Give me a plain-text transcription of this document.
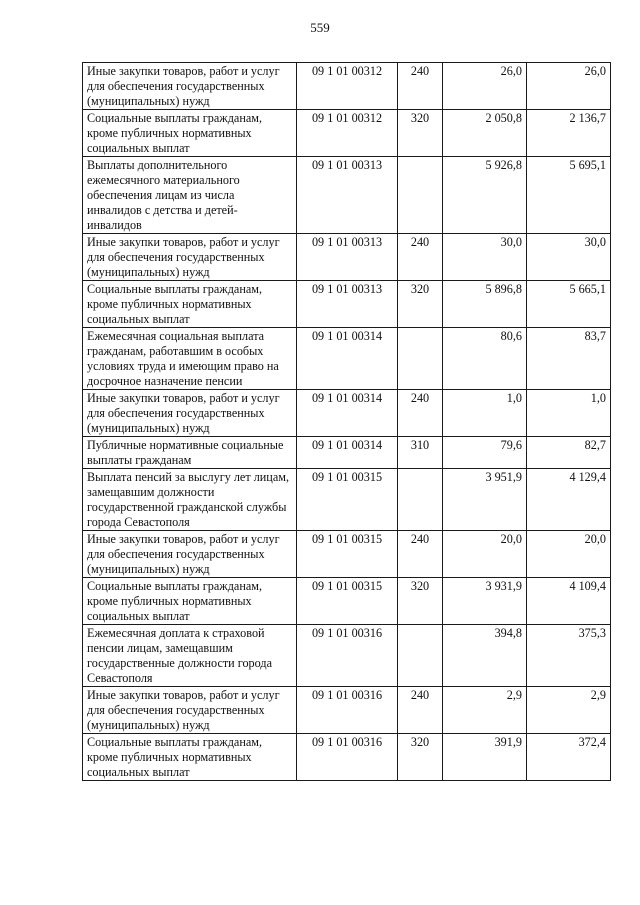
559
Иные закупки товаров, работ и услуг для обеспечения государственных (муниципальных) нужд	09 1 01 00312	240	26,0	26,0
Социальные выплаты гражданам, кроме публичных нормативных социальных выплат	09 1 01 00312	320	2 050,8	2 136,7
Выплаты дополнительного ежемесячного материального обеспечения лицам из числа инвалидов с детства и детей-инвалидов	09 1 01 00313		5 926,8	5 695,1
Иные закупки товаров, работ и услуг для обеспечения государственных (муниципальных) нужд	09 1 01 00313	240	30,0	30,0
Социальные выплаты гражданам, кроме публичных нормативных социальных выплат	09 1 01 00313	320	5 896,8	5 665,1
Ежемесячная социальная выплата гражданам, работавшим в особых условиях труда и имеющим право на досрочное назначение пенсии	09 1 01 00314		80,6	83,7
Иные закупки товаров, работ и услуг для обеспечения государственных (муниципальных) нужд	09 1 01 00314	240	1,0	1,0
Публичные нормативные социальные выплаты гражданам	09 1 01 00314	310	79,6	82,7
Выплата пенсий за выслугу лет лицам, замещавшим должности государственной гражданской службы города Севастополя	09 1 01 00315		3 951,9	4 129,4
Иные закупки товаров, работ и услуг для обеспечения государственных (муниципальных) нужд	09 1 01 00315	240	20,0	20,0
Социальные выплаты гражданам, кроме публичных нормативных социальных выплат	09 1 01 00315	320	3 931,9	4 109,4
Ежемесячная доплата к страховой пенсии лицам, замещавшим государственные должности города Севастополя	09 1 01 00316		394,8	375,3
Иные закупки товаров, работ и услуг для обеспечения государственных (муниципальных) нужд	09 1 01 00316	240	2,9	2,9
Социальные выплаты гражданам, кроме публичных нормативных социальных выплат	09 1 01 00316	320	391,9	372,4
